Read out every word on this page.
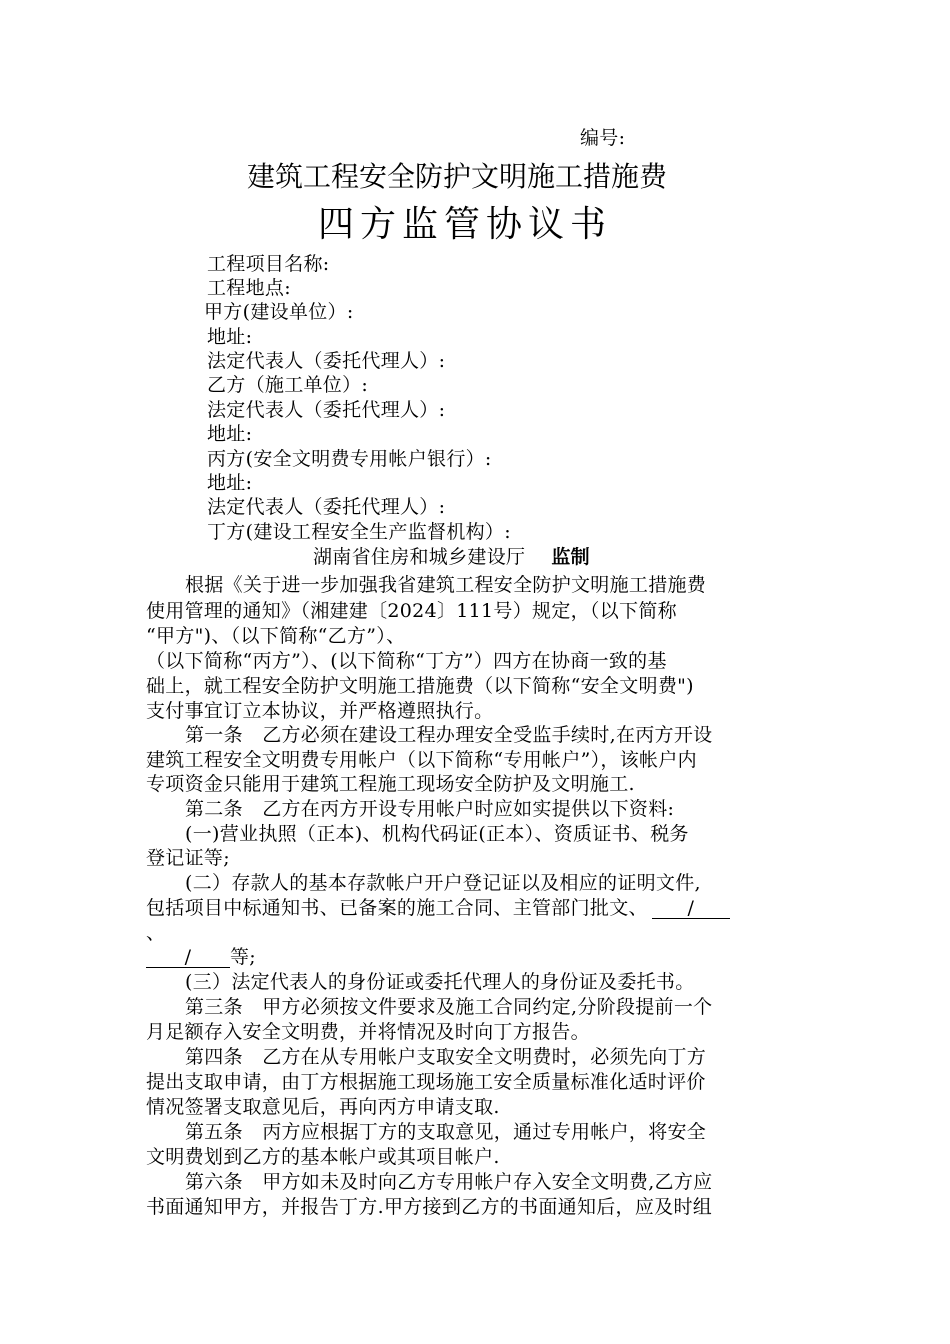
编号:
建筑工程安全防护文明施工措施费
四方监管协议书
工程项目名称:
工程地点:
甲方(建设单位）:
地址:
法定代表人（委托代理人）:
乙方（施工单位）:
法定代表人（委托代理人）:
地址:
丙方(安全文明费专用帐户银行）:
地址:
法定代表人（委托代理人）:
丁方(建设工程安全生产监督机构）:
湖南省住房和城乡建设厅 监制
根据《关于进一步加强我省建筑工程安全防护文明施工措施费
使用管理的通知》（湘建建〔2024〕111号）规定，（以下简称
“甲方")、（以下简称“乙方”）、
（以下简称“丙方”）、(以下简称“丁方”）四方在协商一致的基
础上，就工程安全防护文明施工措施费（以下简称“安全文明费")
支付事宜订立本协议，并严格遵照执行。
第一条　乙方必须在建设工程办理安全受监手续时,在丙方开设
建筑工程安全文明费专用帐户（以下简称“专用帐户”），该帐户内
专项资金只能用于建筑工程施工现场安全防护及文明施工.
第二条　乙方在丙方开设专用帐户时应如实提供以下资料:
(一)营业执照（正本)、机构代码证(正本）、资质证书、税务
登记证等;
(二）存款人的基本存款帐户开户登记证以及相应的证明文件,
包括项目中标通知书、已备案的施工合同、主管部门批文、 /
、
/ 等;
(三）法定代表人的身份证或委托代理人的身份证及委托书。
第三条　甲方必须按文件要求及施工合同约定,分阶段提前一个
月足额存入安全文明费，并将情况及时向丁方报告。
第四条　乙方在从专用帐户支取安全文明费时，必须先向丁方
提出支取申请，由丁方根据施工现场施工安全质量标准化适时评价
情况签署支取意见后，再向丙方申请支取.
第五条　丙方应根据丁方的支取意见，通过专用帐户，将安全
文明费划到乙方的基本帐户或其项目帐户.
第六条　甲方如未及时向乙方专用帐户存入安全文明费,乙方应
书面通知甲方，并报告丁方.甲方接到乙方的书面通知后，应及时组
